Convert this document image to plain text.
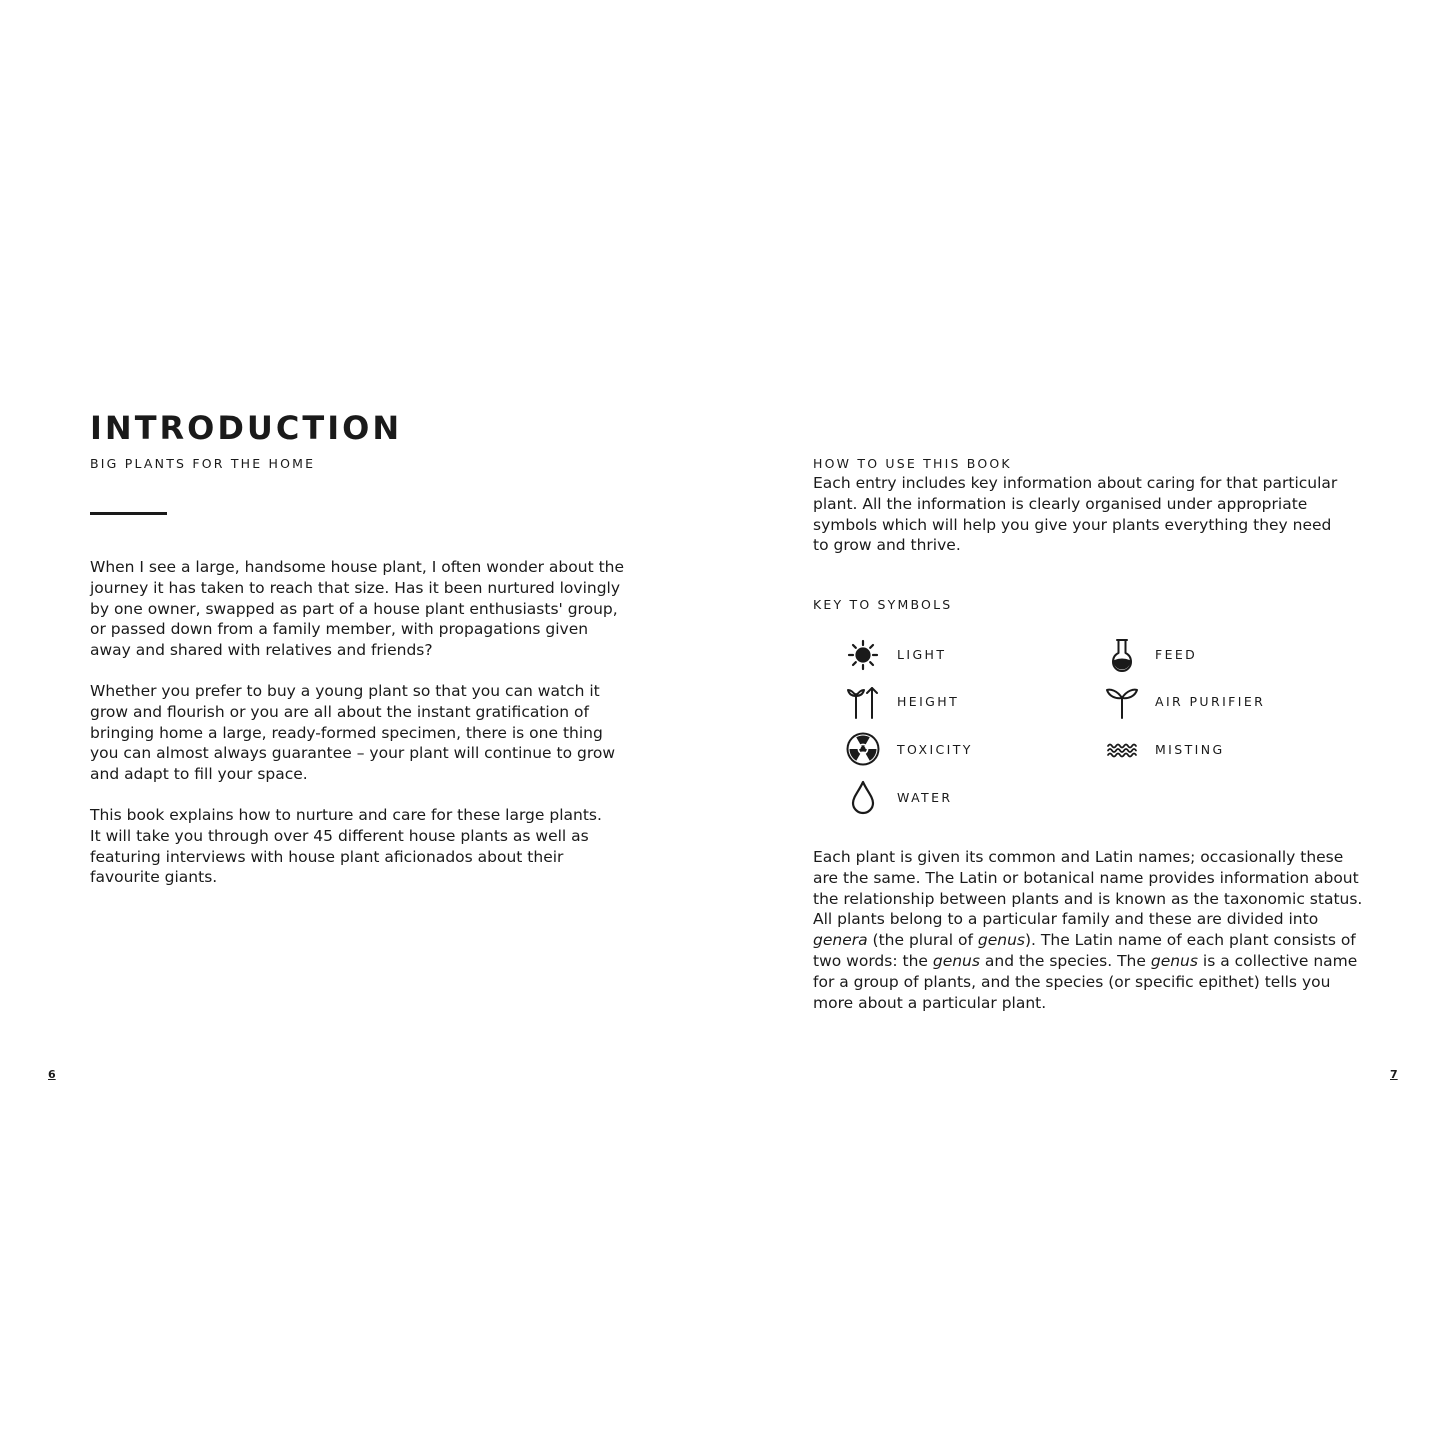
INTRODUCTION
BIG PLANTS FOR THE HOME
When I see a large, handsome house plant, I often wonder about the
journey it has taken to reach that size. Has it been nurtured lovingly
by one owner, swapped as part of a house plant enthusiasts' group,
or passed down from a family member, with propagations given
away and shared with relatives and friends?
Whether you prefer to buy a young plant so that you can watch it
grow and flourish or you are all about the instant gratification of
bringing home a large, ready-formed specimen, there is one thing
you can almost always guarantee – your plant will continue to grow
and adapt to fill your space.
This book explains how to nurture and care for these large plants.
It will take you through over 45 different house plants as well as
featuring interviews with house plant aficionados about their
favourite giants.
6
HOW TO USE THIS BOOK
Each entry includes key information about caring for that particular
plant. All the information is clearly organised under appropriate
symbols which will help you give your plants everything they need
to grow and thrive.
KEY TO SYMBOLS
LIGHT
HEIGHT
TOXICITY
WATER
FEED
AIR PURIFIER
MISTING
Each plant is given its common and Latin names; occasionally these
are the same. The Latin or botanical name provides information about
the relationship between plants and is known as the taxonomic status.
All plants belong to a particular family and these are divided into
genera (the plural of genus). The Latin name of each plant consists of
two words: the genus and the species. The genus is a collective name
for a group of plants, and the species (or specific epithet) tells you
more about a particular plant.
7
